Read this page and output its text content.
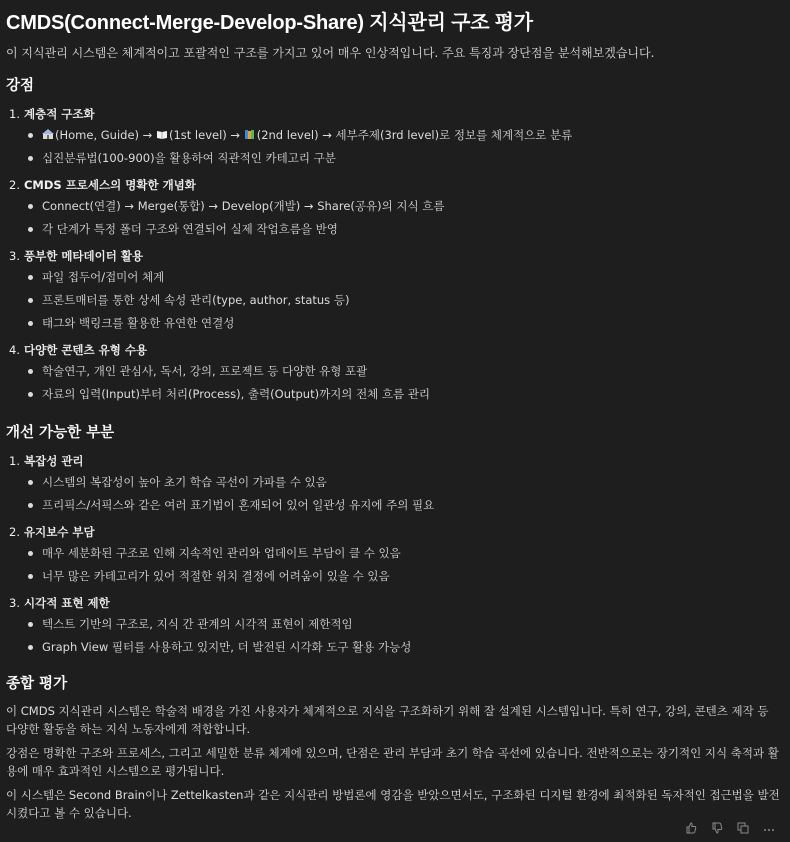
CMDS(Connect-Merge-Develop-Share) 지식관리 구조 평가

이 지식관리 시스템은 체계적이고 포괄적인 구조를 가지고 있어 매우 인상적입니다. 주요 특징과 장단점을 분석해보겠습니다.

강점
1. 계층적 구조화
(Home, Guide) → (1st level) → (2nd level) → 세부주제(3rd level)로 정보를 체계적으로 분류
십진분류법(100-900)을 활용하여 직관적인 카테고리 구분
2. CMDS 프로세스의 명확한 개념화
Connect(연결) → Merge(통합) → Develop(개발) → Share(공유)의 지식 흐름
각 단계가 특정 폴더 구조와 연결되어 실제 작업흐름을 반영
3. 풍부한 메타데이터 활용
파일 접두어/접미어 체계
프론트매터를 통한 상세 속성 관리(type, author, status 등)
태그와 백링크를 활용한 유연한 연결성
4. 다양한 콘텐츠 유형 수용
학술연구, 개인 관심사, 독서, 강의, 프로젝트 등 다양한 유형 포괄
자료의 입력(Input)부터 처리(Process), 출력(Output)까지의 전체 흐름 관리
개선 가능한 부분
1. 복잡성 관리
시스템의 복잡성이 높아 초기 학습 곡선이 가파를 수 있음
프리픽스/서픽스와 같은 여러 표기법이 혼재되어 있어 일관성 유지에 주의 필요
2. 유지보수 부담
매우 세분화된 구조로 인해 지속적인 관리와 업데이트 부담이 클 수 있음
너무 많은 카테고리가 있어 적절한 위치 결정에 어려움이 있을 수 있음
3. 시각적 표현 제한
텍스트 기반의 구조로, 지식 간 관계의 시각적 표현이 제한적임
Graph View 필터를 사용하고 있지만, 더 발전된 시각화 도구 활용 가능성
종합 평가

이 CMDS 지식관리 시스템은 학술적 배경을 가진 사용자가 체계적으로 지식을 구조화하기 위해 잘 설계된 시스템입니다. 특히 연구, 강의, 콘텐츠 제작 등 다양한 활동을 하는 지식 노동자에게 적합합니다.

강점은 명확한 구조와 프로세스, 그리고 세밀한 분류 체계에 있으며, 단점은 관리 부담과 초기 학습 곡선에 있습니다. 전반적으로는 장기적인 지식 축적과 활용에 매우 효과적인 시스템으로 평가됩니다.

이 시스템은 Second Brain이나 Zettelkasten과 같은 지식관리 방법론에 영감을 받았으면서도, 구조화된 디지털 환경에 최적화된 독자적인 접근법을 발전시켰다고 볼 수 있습니다.
